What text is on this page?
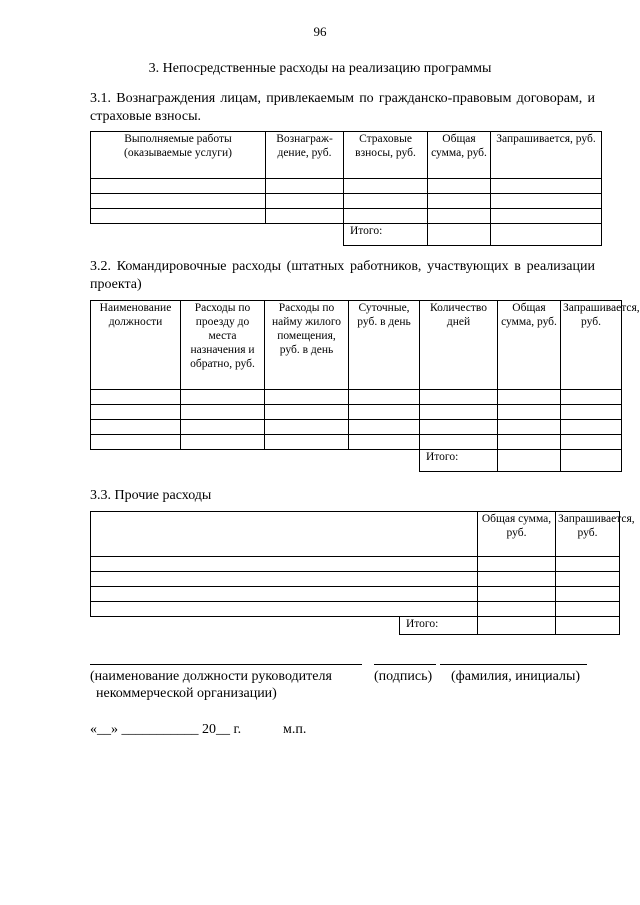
96
3. Непосредственные расходы на реализацию программы
3.1. Вознаграждения лицам, привлекаемым по гражданско-правовым договорам, и страховые взносы.
Выполняемые работы (оказываемые услуги)	Вознаграж-дение, руб.	Страховые взносы, руб.	Общая сумма, руб.	Запрашивается, руб.

		Итого:		
3.2. Командировочные расходы (штатных работников, участвующих в реализации проекта)
Наименование должности	Расходы по проезду до места назначения и обратно, руб.	Расходы по найму жилого помещения, руб. в день	Суточные, руб. в день	Количество дней	Общая сумма, руб.	Запрашивается, руб.

				Итого:		
3.3. Прочие расходы
		Общая сумма, руб.	Запрашивается, руб.

	Итого:		
(наименование должности руководителя	(подпись) (фамилия, инициалы)
некоммерческой организации)
«__» ___________ 20__ г.	м.п.
